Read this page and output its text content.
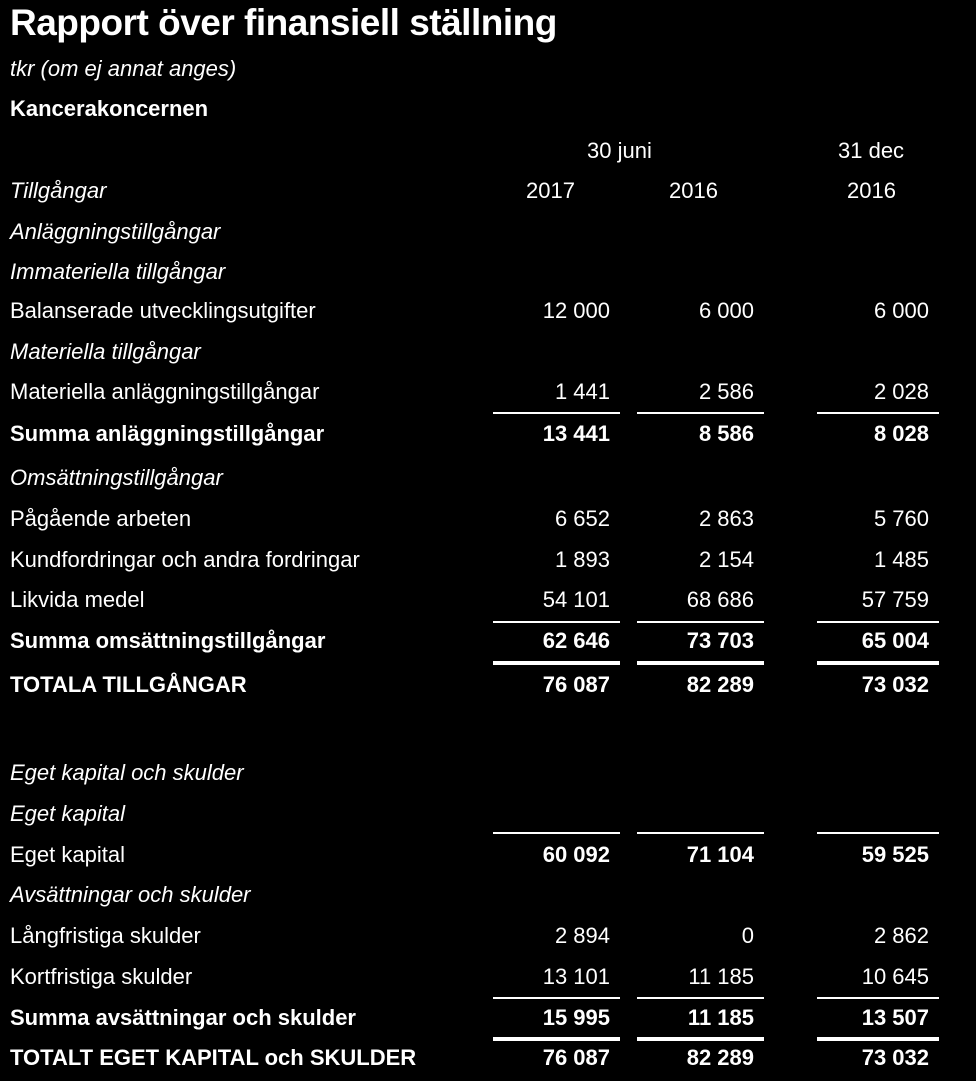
Rapport över finansiell ställning
tkr (om ej annat anges)
Kancerakoncernen
30 juni	31 dec
Tillgångar	2017	2016	2016
Anläggningstillgångar
Immateriella tillgångar
Balanserade utvecklingsutgifter	12 000	6 000	6 000
Materiella tillgångar
Materiella anläggningstillgångar	1 441	2 586	2 028
Summa anläggningstillgångar	13 441	8 586	8 028
Omsättningstillgångar
Pågående arbeten	6 652	2 863	5 760
Kundfordringar och andra fordringar	1 893	2 154	1 485
Likvida medel	54 101	68 686	57 759
Summa omsättningstillgångar	62 646	73 703	65 004
TOTALA TILLGÅNGAR	76 087	82 289	73 032
Eget kapital och skulder
Eget kapital
Eget kapital	60 092	71 104	59 525
Avsättningar och skulder
Långfristiga skulder	2 894	0	2 862
Kortfristiga skulder	13 101	11 185	10 645
Summa avsättningar och skulder	15 995	11 185	13 507
TOTALT EGET KAPITAL och SKULDER	76 087	82 289	73 032
